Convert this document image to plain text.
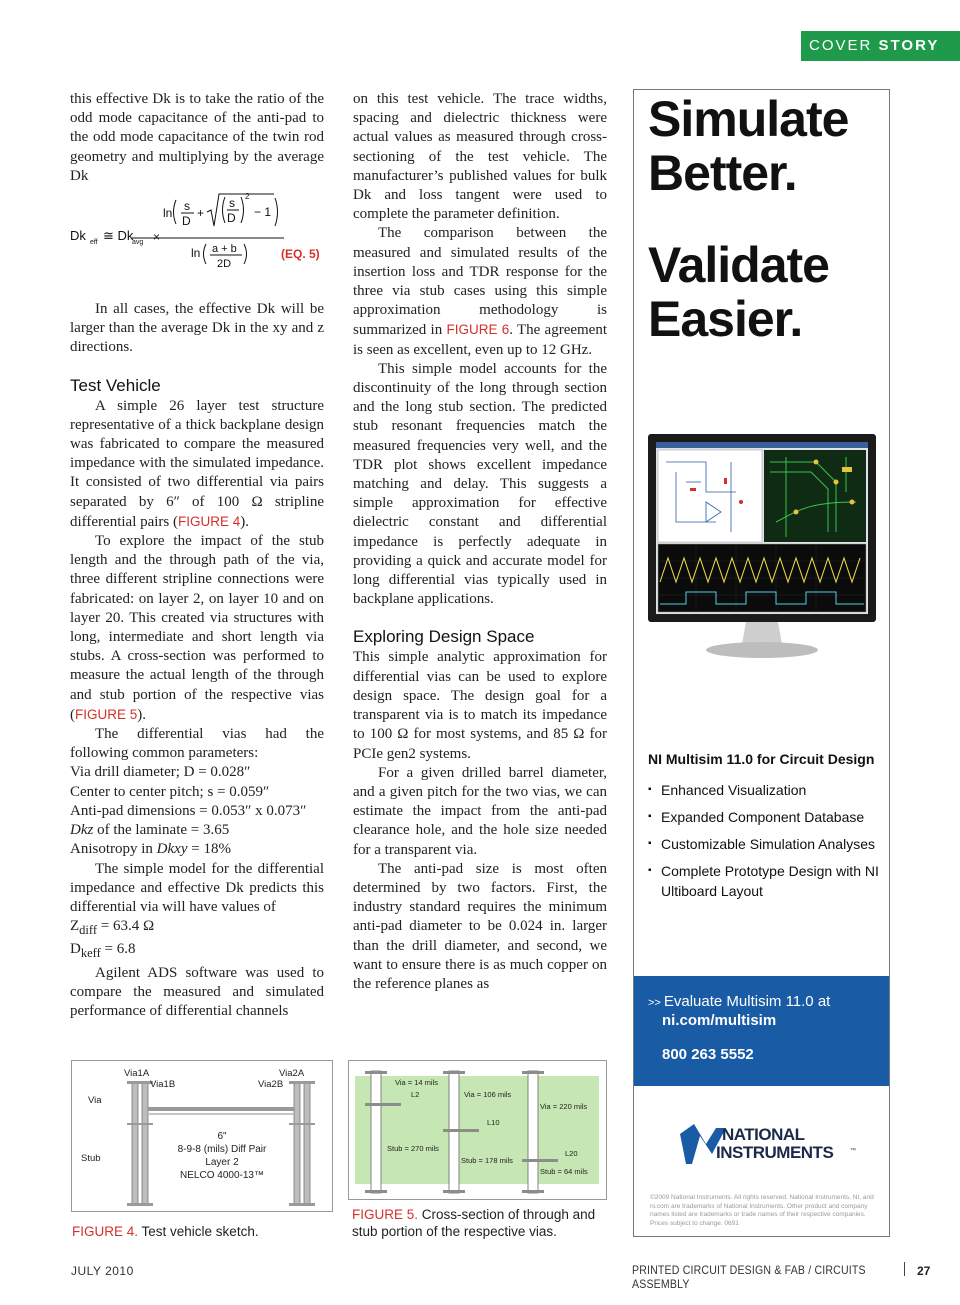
COVER STORY

this effective Dk is to take the ratio of the odd mode capacitance of the anti-pad to the odd mode capacitance of the twin rod geometry and multiplying by the average Dk

ln s
D
+
s
D
2
− 1
Dk eff ≅ Dk
avg ×
ln a + b
2D
(EQ. 5)

In all cases, the effective Dk will be larger than the average Dk in the xy and z directions.

Test Vehicle

A simple 26 layer test structure representative of a thick backplane design was fabricated to compare the measured impedance with the simulated impedance. It consisted of two differential via pairs separated by 6″ of 100 Ω stripline differential pairs (FIGURE 4).

To explore the impact of the stub length and the through path of the via, three different stripline connections were fabricated: on layer 2, on layer 10 and on layer 20. This created via structures with long, intermediate and short length via stubs. A cross-section was performed to measure the actual length of the through and stub portion of the respective vias (FIGURE 5).

The differential vias had the following common parameters:

Via drill diameter; D = 0.028″

Center to center pitch; s = 0.059″

Anti-pad dimensions = 0.053″ x 0.073″

Dkz of the laminate = 3.65

Anisotropy in Dkxy = 18%

The simple model for the differential impedance and effective Dk predicts this differential via will have values of

$Z_{diff} = 63.4$ Ω

$D_{keff} = 6.8$

Agilent ADS software was used to compare the measured and simulated performance of differential channels

on this test vehicle. The trace widths, spacing and dielectric thickness were actual values as measured through cross-sectioning of the test vehicle. The manufacturer’s published values for bulk Dk and loss tangent were used to complete the parameter definition.

The comparison between the measured and simulated results of the insertion loss and TDR response for the three via stub cases using this simple approximation methodology is summarized in FIGURE 6. The agreement is seen as excellent, even up to 12 GHz.

This simple model accounts for the discontinuity of the long through section and the long stub section. The predicted stub resonant frequencies match the measured frequencies very well, and the TDR plot shows excellent impedance matching and delay. This suggests a simple approximation for effective dielectric constant and differential impedance is perfectly adequate in providing a quick and accurate model for long differential vias typically used in backplane applications.

Exploring Design Space

This simple analytic approximation for differential vias can be used to explore design space. The design goal for a transparent via is to match its impedance to 100 Ω for most systems, and 85 Ω for PCIe gen2 systems.

For a given drilled barrel diameter, and a given pitch for the two vias, we can estimate the impact from the anti-pad clearance hole, and the hole size needed for a transparent via.

The anti-pad size is most often determined by two factors. First, the industry standard requires the minimum anti-pad diameter to be 0.024 in. larger than the drill diameter, and second, we want to ensure there is as much copper on the reference planes as

Simulate
Better.
Validate
Easier.
NI Multisim 11.0 for Circuit Design
▪ Enhanced Visualization
▪ Expanded Component Database
▪ Customizable Simulation Analyses
▪ Complete Prototype Design with NI Ultiboard Layout
>> Evaluate Multisim 11.0 at
ni.com/multisim
800 263 5552
NATIONAL
INSTRUMENTS	™
©2009 National Instruments. All rights reserved. National Instruments, NI, and ni.com are trademarks of National Instruments. Other product and company names listed are trademarks or trade names of their respective companies. Prices subject to change. 0691
Via1A
Via1B
Via2A
Via2B
Via
Stub
6"
8-9-8 (mils) Diff Pair
Layer 2
NELCO 4000-13™
FIGURE 4. Test vehicle sketch.
Via = 14 mils
L2	Via = 106 mils
L10
Via = 220 mils
Stub = 270 mils
Stub = 178 mils
L20
Stub = 64 mils
FIGURE 5. Cross-section of through and stub portion of the respective vias.
JULY 2010	PRINTED CIRCUIT DESIGN & FAB / CIRCUITS ASSEMBLY
27
